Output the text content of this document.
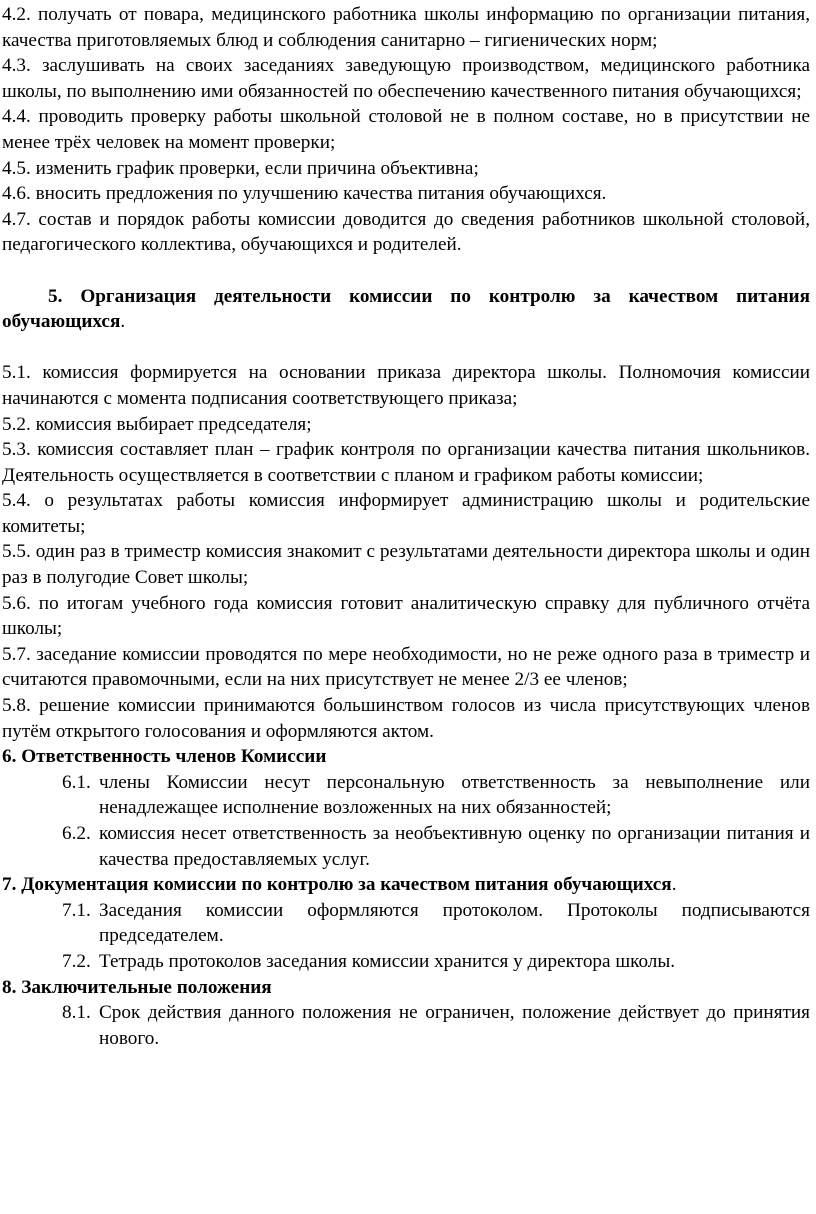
4.2. получать от повара, медицинского работника школы информацию по организации питания, качества приготовляемых блюд и соблюдения санитарно – гигиенических норм;

4.3. заслушивать на своих заседаниях заведующую производством, медицинского работника школы, по выполнению ими обязанностей по обеспечению качественного питания обучающихся;

4.4. проводить проверку работы школьной столовой не в полном составе, но в присутствии не менее трёх человек на момент проверки;

4.5. изменить график проверки, если причина объективна;

4.6. вносить предложения по улучшению качества питания обучающихся.

4.7. состав и порядок работы комиссии доводится до сведения работников школьной столовой, педагогического коллектива, обучающихся и родителей.

5. Организация деятельности комиссии по контролю за качеством питания обучающихся.

5.1. комиссия формируется на основании приказа директора школы. Полномочия комиссии начинаются с момента подписания соответствующего приказа;

5.2. комиссия выбирает председателя;

5.3. комиссия составляет план – график контроля по организации качества питания школьников. Деятельность осуществляется в соответствии с планом и графиком работы комиссии;

5.4. о результатах работы комиссия информирует администрацию школы и родительские комитеты;

5.5. один раз в триместр комиссия знакомит с результатами деятельности директора школы и один раз в полугодие Совет школы;

5.6. по итогам учебного года комиссия готовит аналитическую справку для публичного отчёта школы;

5.7. заседание комиссии проводятся по мере необходимости, но не реже одного раза в триместр и считаются правомочными, если на них присутствует не менее 2/3 ее членов;

5.8. решение комиссии принимаются большинством голосов из числа присутствующих членов путём открытого голосования и оформляются актом.

6. Ответственность членов Комиссии

6.1. члены Комиссии несут персональную ответственность за невыполнение или ненадлежащее исполнение возложенных на них обязанностей;
6.2. комиссия несет ответственность за необъективную оценку по организации питания и качества предоставляемых услуг.

7. Документация комиссии по контролю за качеством питания обучающихся.

7.1. Заседания комиссии оформляются протоколом. Протоколы подписываются председателем.
7.2. Тетрадь протоколов заседания комиссии хранится у директора школы.

8. Заключительные положения

8.1. Срок действия данного положения не ограничен, положение действует до принятия нового.
